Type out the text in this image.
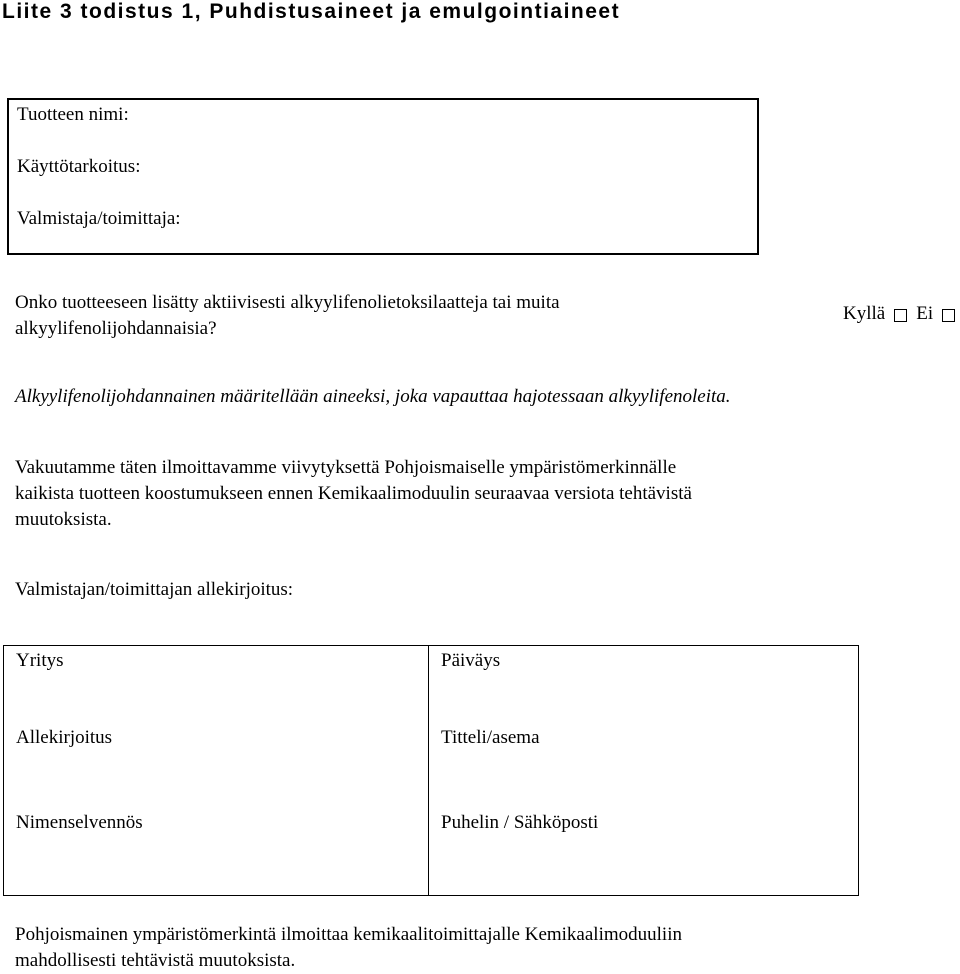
Liite 3 todistus 1, Puhdistusaineet ja emulgointiaineet
Tuotteen nimi:
Käyttötarkoitus:
Valmistaja/toimittaja:
Onko tuotteeseen lisätty aktiivisesti alkyylifenolietoksilaatteja tai muita
alkyylifenolijohdannaisia?
Kyllä Ei
Alkyylifenolijohdannainen määritellään aineeksi, joka vapauttaa hajotessaan alkyylifenoleita.
Vakuutamme täten ilmoittavamme viivytyksettä Pohjoismaiselle ympäristömerkinnälle
kaikista tuotteen koostumukseen ennen Kemikaalimoduulin seuraavaa versiota tehtävistä
muutoksista.
Valmistajan/toimittajan allekirjoitus:
Yritys	Päiväys
Allekirjoitus	Titteli/asema
Nimenselvennös	Puhelin / Sähköposti
Pohjoismainen ympäristömerkintä ilmoittaa kemikaalitoimittajalle Kemikaalimoduuliin
mahdollisesti tehtävistä muutoksista.
